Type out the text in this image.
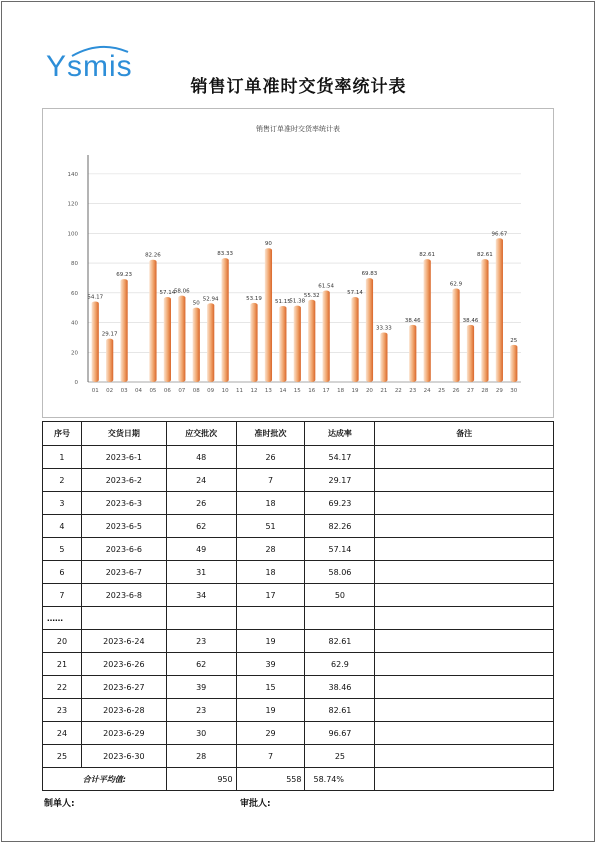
Ysmis
销售订单准时交货率统计表
销售订单准时交货率统计表
54.17
29.17
69.23
82.26
57.14
58.06
50
52.94
83.33
53.19
90
51.15
51.38
55.32
61.54
57.14
69.83
33.33
38.46
82.61
62.9
38.46
82.61
96.67
25
0
20
40
60
80
100
120
140
01 02 03 04 05 06 07 08 09 10 11 12 13 14 15 16 17 18 19 20 21 22 23 24 25 26 27 28 29 30
序号	交货日期	应交批次	准时批次	达成率	备注
1	2023-6-1	48	26	54.17	
2	2023-6-2	24	7	29.17	
3	2023-6-3	26	18	69.23	
4	2023-6-5	62	51	82.26	
5	2023-6-6	49	28	57.14	
6	2023-6-7	31	18	58.06	
7	2023-6-8	34	17	50	
……					
20	2023-6-24	23	19	82.61	
21	2023-6-26	62	39	62.9	
22	2023-6-27	39	15	38.46	
23	2023-6-28	23	19	82.61	
24	2023-6-29	30	29	96.67	
25	2023-6-30	28	7	25	
合计平均值:		950	558	58.74%	
制单人:	审批人:
